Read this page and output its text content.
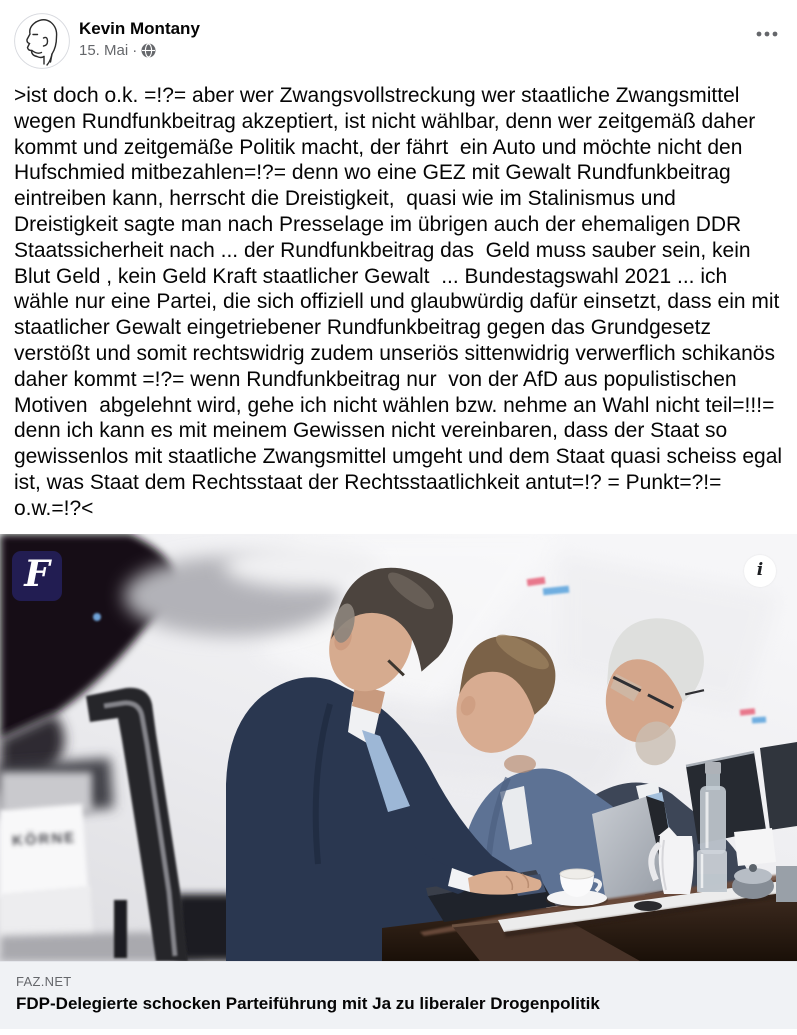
Kevin Montany
15. Mai ·
>ist doch o.k. =!?= aber wer Zwangsvollstreckung wer staatliche Zwangsmittel wegen Rundfunkbeitrag akzeptiert, ist nicht wählbar, denn wer zeitgemäß daher kommt und zeitgemäße Politik macht, der fährt  ein Auto und möchte nicht den Hufschmied mitbezahlen=!?= denn wo eine GEZ mit Gewalt Rundfunkbeitrag eintreiben kann, herrscht die Dreistigkeit,  quasi wie im Stalinismus und Dreistigkeit sagte man nach Presselage im übrigen auch der ehemaligen DDR Staatssicherheit nach ... der Rundfunkbeitrag das  Geld muss sauber sein, kein Blut Geld , kein Geld Kraft staatlicher Gewalt  ... Bundestagswahl 2021 ... ich wähle nur eine Partei, die sich offiziell und glaubwürdig dafür einsetzt, dass ein mit staatlicher Gewalt eingetriebener Rundfunkbeitrag gegen das Grundgesetz verstößt und somit rechtswidrig zudem unseriös sittenwidrig verwerflich schikanös daher kommt =!?= wenn Rundfunkbeitrag nur  von der AfD aus populistischen Motiven  abgelehnt wird, gehe ich nicht wählen bzw. nehme an Wahl nicht teil=!!!= denn ich kann es mit meinem Gewissen nicht vereinbaren, dass der Staat so gewissenlos mit staatliche Zwangsmittel umgeht und dem Staat quasi scheiss egal ist, was Staat dem Rechtsstaat der Rechtsstaatlichkeit antut=!? = Punkt=?!= o.w.=!?<
KÖRNE
F	i
FAZ.NET
FDP-Delegierte schocken Parteiführung mit Ja zu liberaler Drogenpolitik
